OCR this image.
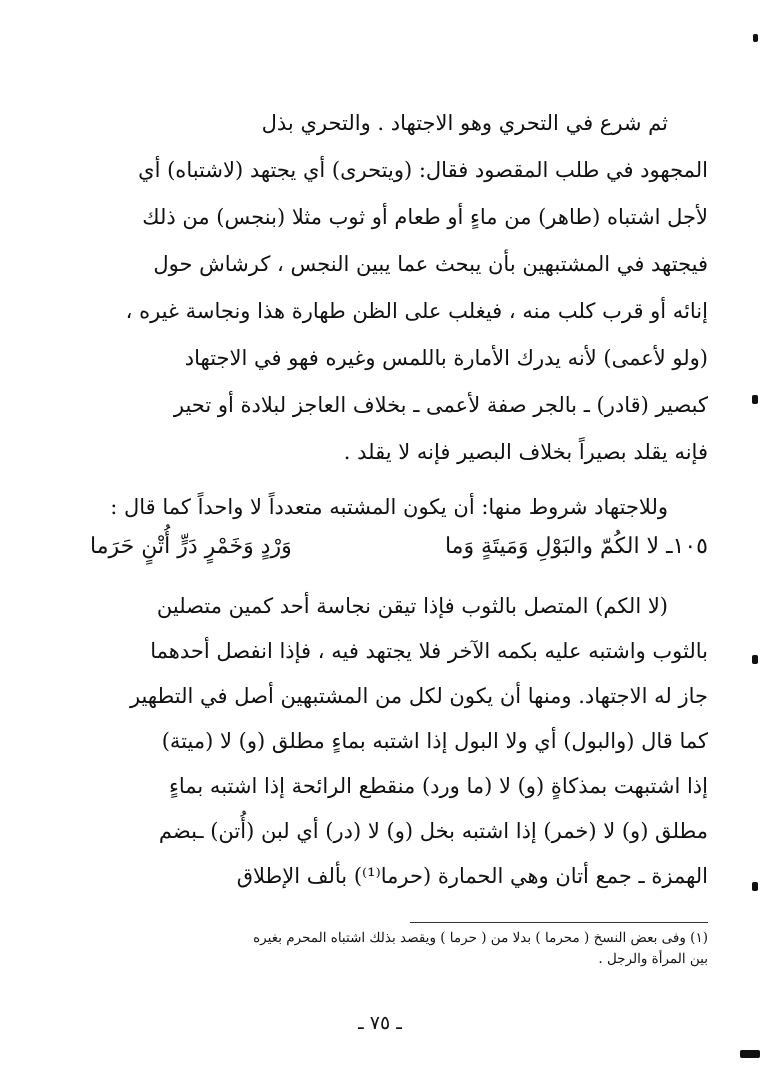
ثم شرع في التحري وهو الاجتهاد . والتحري بذل
المجهود في طلب المقصود فقال: (ويتحرى) أي يجتهد (لاشتباه) أي
لأجل اشتباه (طاهر) من ماءٍ أو طعام أو ثوب مثلا (بنجس) من ذلك
فيجتهد في المشتبهين بأن يبحث عما يبين النجس ، كرشاش حول
إنائه أو قرب كلب منه ، فيغلب على الظن طهارة هذا ونجاسة غيره ،
(ولو لأعمى) لأنه يدرك الأمارة باللمس وغيره فهو في الاجتهاد
كبصير (قادر) ـ بالجر صفة لأعمى ـ بخلاف العاجز لبلادة أو تحير
فإنه يقلد بصيراً بخلاف البصير فإنه لا يقلد .
وللاجتهاد شروط منها: أن يكون المشتبه متعدداً لا واحداً كما قال :
١٠٥ـ لا الكُمّ والبَوْلِ وَمَيتَةٍ وَما
وَرْدٍ وَخَمْرٍ دَرٍّ أُتْنٍ حَرَما
(لا الكم) المتصل بالثوب فإذا تيقن نجاسة أحد كمين متصلين
بالثوب واشتبه عليه بكمه الآخر فلا يجتهد فيه ، فإذا انفصل أحدهما
جاز له الاجتهاد. ومنها أن يكون لكل من المشتبهين أصل في التطهير
كما قال (والبول) أي ولا البول إذا اشتبه بماءٍ مطلق (و) لا (ميتة)
إذا اشتبهت بمذكاةٍ (و) لا (ما ورد) منقطع الرائحة إذا اشتبه بماءٍ
مطلق (و) لا (خمر) إذا اشتبه بخل (و) لا (در) أي لبن (أُتن) ـبضم
الهمزة ـ جمع أتان وهي الحمارة (حرما⁽¹⁾) بألف الإطلاق
(١) وفى بعض النسخ ( محرما ) بدلا من ( حرما ) ويقصد بذلك اشتباه المحرم بغيره
بين المرأة والرجل .
ـ ٧٥ ـ
